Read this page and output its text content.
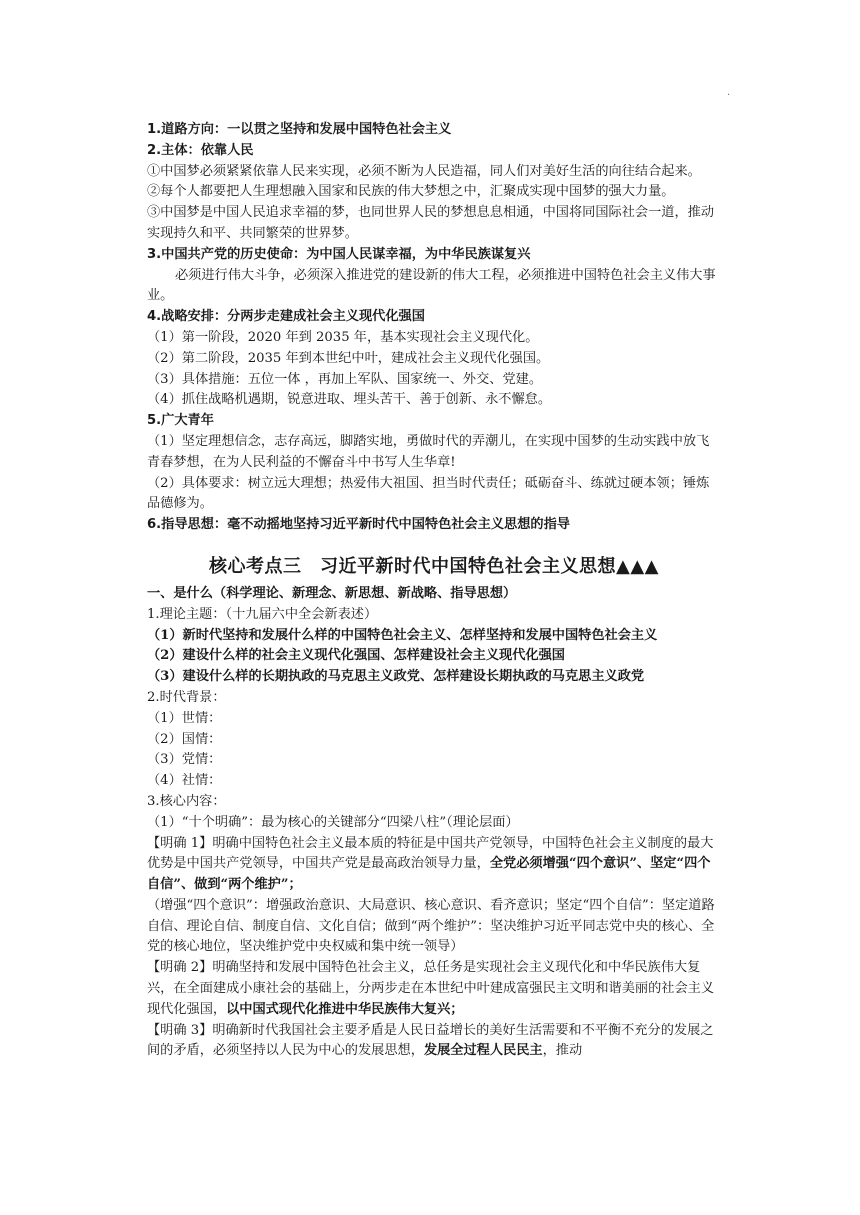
.
1.道路方向：一以贯之坚持和发展中国特色社会主义
2.主体：依靠人民
①中国梦必须紧紧依靠人民来实现，必须不断为人民造福，同人们对美好生活的向往结合起来。
②每个人都要把人生理想融入国家和民族的伟大梦想之中，汇聚成实现中国梦的强大力量。
③中国梦是中国人民追求幸福的梦，也同世界人民的梦想息息相通，中国将同国际社会一道，推动实现持久和平、共同繁荣的世界梦。
3.中国共产党的历史使命：为中国人民谋幸福，为中华民族谋复兴
必须进行伟大斗争，必须深入推进党的建设新的伟大工程，必须推进中国特色社会主义伟大事业。
4.战略安排：分两步走建成社会主义现代化强国
（1）第一阶段，2020 年到 2035 年，基本实现社会主义现代化。
（2）第二阶段，2035 年到本世纪中叶，建成社会主义现代化强国。
（3）具体措施：五位一体 ，再加上军队、国家统一、外交、党建。
（4）抓住战略机遇期，锐意进取、埋头苦干、善于创新、永不懈怠。
5.广大青年
（1）坚定理想信念，志存高远，脚踏实地，勇做时代的弄潮儿，在实现中国梦的生动实践中放飞青春梦想，在为人民利益的不懈奋斗中书写人生华章!
（2）具体要求：树立远大理想；热爱伟大祖国、担当时代责任；砥砺奋斗、练就过硬本领；锤炼品德修为。
6.指导思想：毫不动摇地坚持习近平新时代中国特色社会主义思想的指导
核心考点三　习近平新时代中国特色社会主义思想▲▲▲
一、是什么（科学理论、新理念、新思想、新战略、指导思想）
1.理论主题：（十九届六中全会新表述）
（1）新时代坚持和发展什么样的中国特色社会主义、怎样坚持和发展中国特色社会主义
（2）建设什么样的社会主义现代化强国、怎样建设社会主义现代化强国
（3）建设什么样的长期执政的马克思主义政党、怎样建设长期执政的马克思主义政党
2.时代背景：
（1）世情：
（2）国情：
（3）党情：
（4）社情：
3.核心内容：
（1）“十个明确”：最为核心的关键部分“四梁八柱”（理论层面）
【明确 1】明确中国特色社会主义最本质的特征是中国共产党领导，中国特色社会主义制度的最大优势是中国共产党领导，中国共产党是最高政治领导力量，全党必须增强“四个意识”、坚定“四个自信”、做到“两个维护”；
（增强“四个意识”：增强政治意识、大局意识、核心意识、看齐意识；坚定“四个自信”：坚定道路自信、理论自信、制度自信、文化自信；做到“两个维护”：坚决维护习近平同志党中央的核心、全党的核心地位，坚决维护党中央权威和集中统一领导）
【明确 2】明确坚持和发展中国特色社会主义，总任务是实现社会主义现代化和中华民族伟大复兴，在全面建成小康社会的基础上，分两步走在本世纪中叶建成富强民主文明和谐美丽的社会主义现代化强国，以中国式现代化推进中华民族伟大复兴；
【明确 3】明确新时代我国社会主要矛盾是人民日益增长的美好生活需要和不平衡不充分的发展之间的矛盾，必须坚持以人民为中心的发展思想，发展全过程人民民主，推动
